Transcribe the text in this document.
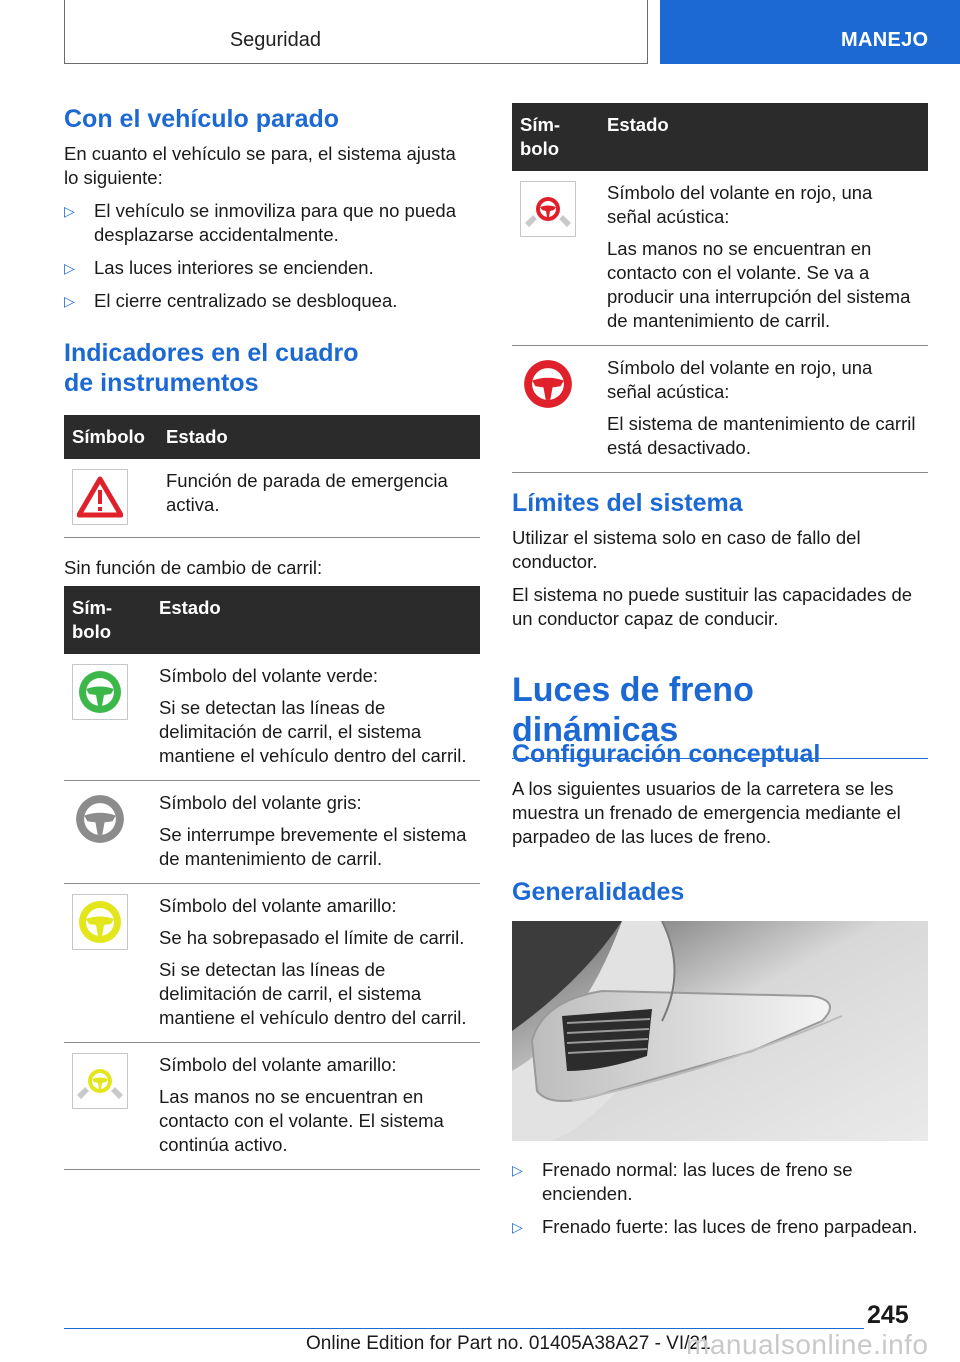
Seguridad	MANEJO
Con el vehículo parado

En cuanto el vehículo se para, el sistema ajusta lo siguiente:

▷ El vehículo se inmoviliza para que no pueda desplazarse accidentalmente.
▷ Las luces interiores se encienden.
▷ El cierre centralizado se desbloquea.
Indicadores en el cuadro
de instrumentos
Símbolo	Estado

Función de parada de emergencia activa.

Sin función de cambio de carril:

Sím-
bolo	Estado

Símbolo del volante verde:

Si se detectan las líneas de delimitación de carril, el sistema mantiene el vehículo dentro del carril.

Símbolo del volante gris:

Se interrumpe brevemente el sistema de mantenimiento de carril.

Símbolo del volante amarillo:

Se ha sobrepasado el límite de carril.

Si se detectan las líneas de delimitación de carril, el sistema mantiene el vehículo dentro del carril.

Símbolo del volante amarillo:

Las manos no se encuentran en contacto con el volante. El sistema continúa activo.

Sím-
bolo	Estado

Símbolo del volante en rojo, una señal acústica:

Las manos no se encuentran en contacto con el volante. Se va a producir una interrupción del sistema de mantenimiento de carril.

Símbolo del volante en rojo, una señal acústica:

El sistema de mantenimiento de carril está desactivado.

Límites del sistema

Utilizar el sistema solo en caso de fallo del conductor.

El sistema no puede sustituir las capacidades de un conductor capaz de conducir.

Luces de freno dinámicas
Configuración conceptual

A los siguientes usuarios de la carretera se les muestra un frenado de emergencia mediante el parpadeo de las luces de freno.

Generalidades
▷ Frenado normal: las luces de freno se encienden.
▷ Frenado fuerte: las luces de freno parpadean.
245
Online Edition for Part no. 01405A38A27 - VI/21
manualsonline.info
